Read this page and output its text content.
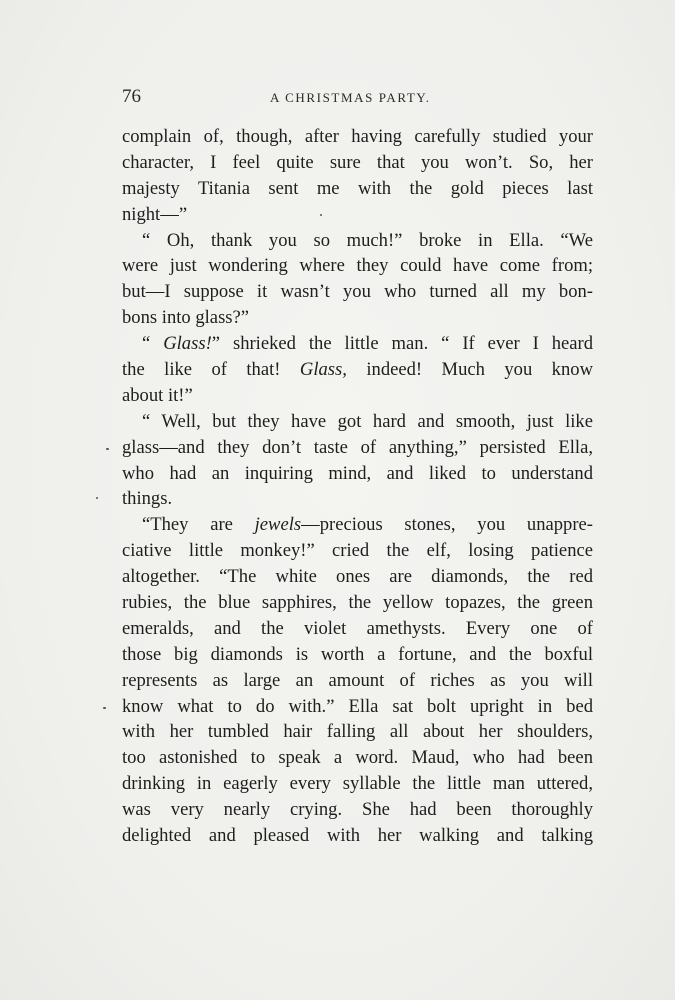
76	A CHRISTMAS PARTY.
complain of, though, after having carefully studied your
character, I feel quite sure that you won’t. So, her
majesty Titania sent me with the gold pieces last
night—”
“ Oh, thank you so much!” broke in Ella. “We
were just wondering where they could have come from;
but—I suppose it wasn’t you who turned all my bon-
bons into glass?”
“ Glass!” shrieked the little man. “ If ever I heard
the like of that! Glass, indeed! Much you know
about it!”
“ Well, but they have got hard and smooth, just like
glass—and they don’t taste of anything,” persisted Ella,
who had an inquiring mind, and liked to understand
things.
“They are jewels—precious stones, you unappre-
ciative little monkey!” cried the elf, losing patience
altogether. “The white ones are diamonds, the red
rubies, the blue sapphires, the yellow topazes, the green
emeralds, and the violet amethysts. Every one of
those big diamonds is worth a fortune, and the boxful
represents as large an amount of riches as you will
know what to do with.” Ella sat bolt upright in bed
with her tumbled hair falling all about her shoulders,
too astonished to speak a word. Maud, who had been
drinking in eagerly every syllable the little man uttered,
was very nearly crying. She had been thoroughly
delighted and pleased with her walking and talking
